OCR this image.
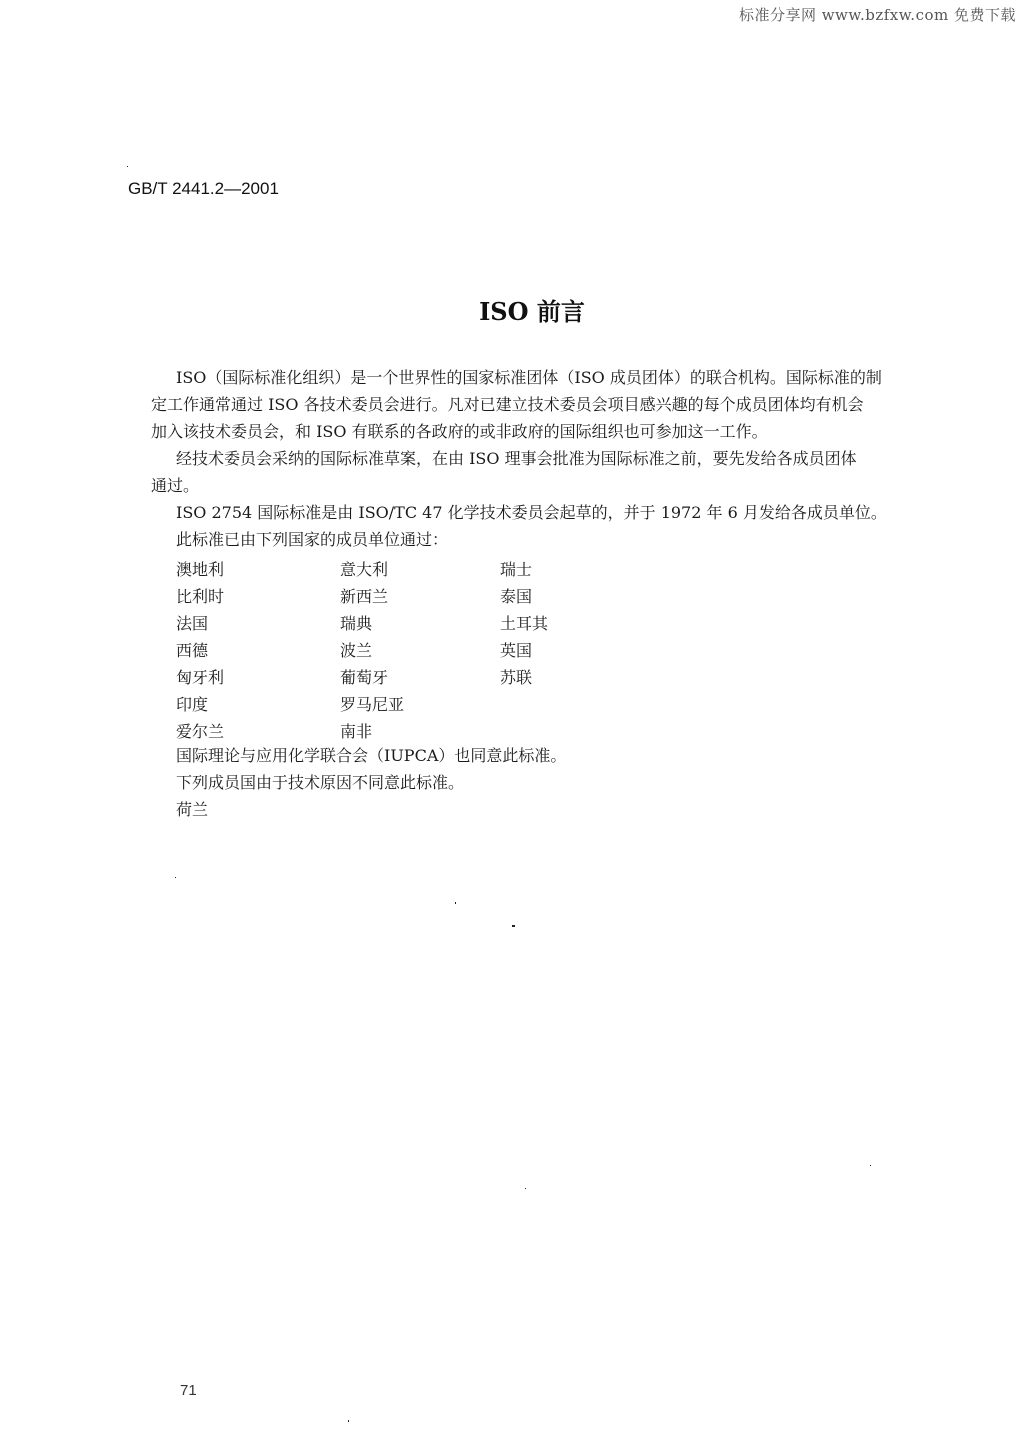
标准分享网 www.bzfxw.com 免费下载
GB/T 2441.2—2001
ISO 前言

ISO（国际标准化组织）是一个世界性的国家标准团体（ISO 成员团体）的联合机构。国际标准的制

定工作通常通过 ISO 各技术委员会进行。凡对已建立技术委员会项目感兴趣的每个成员团体均有机会

加入该技术委员会，和 ISO 有联系的各政府的或非政府的国际组织也可参加这一工作。

经技术委员会采纳的国际标准草案，在由 ISO 理事会批准为国际标准之前，要先发给各成员团体

通过。

ISO 2754 国际标准是由 ISO/TC 47 化学技术委员会起草的，并于 1972 年 6 月发给各成员单位。

此标准已由下列国家的成员单位通过：

澳地利	意大利	瑞士
比利时	新西兰	泰国
法国	瑞典	土耳其
西德	波兰	英国
匈牙利	葡萄牙	苏联
印度	罗马尼亚
爱尔兰	南非
国际理论与应用化学联合会（IUPCA）也同意此标准。
下列成员国由于技术原因不同意此标准。
荷兰
71
